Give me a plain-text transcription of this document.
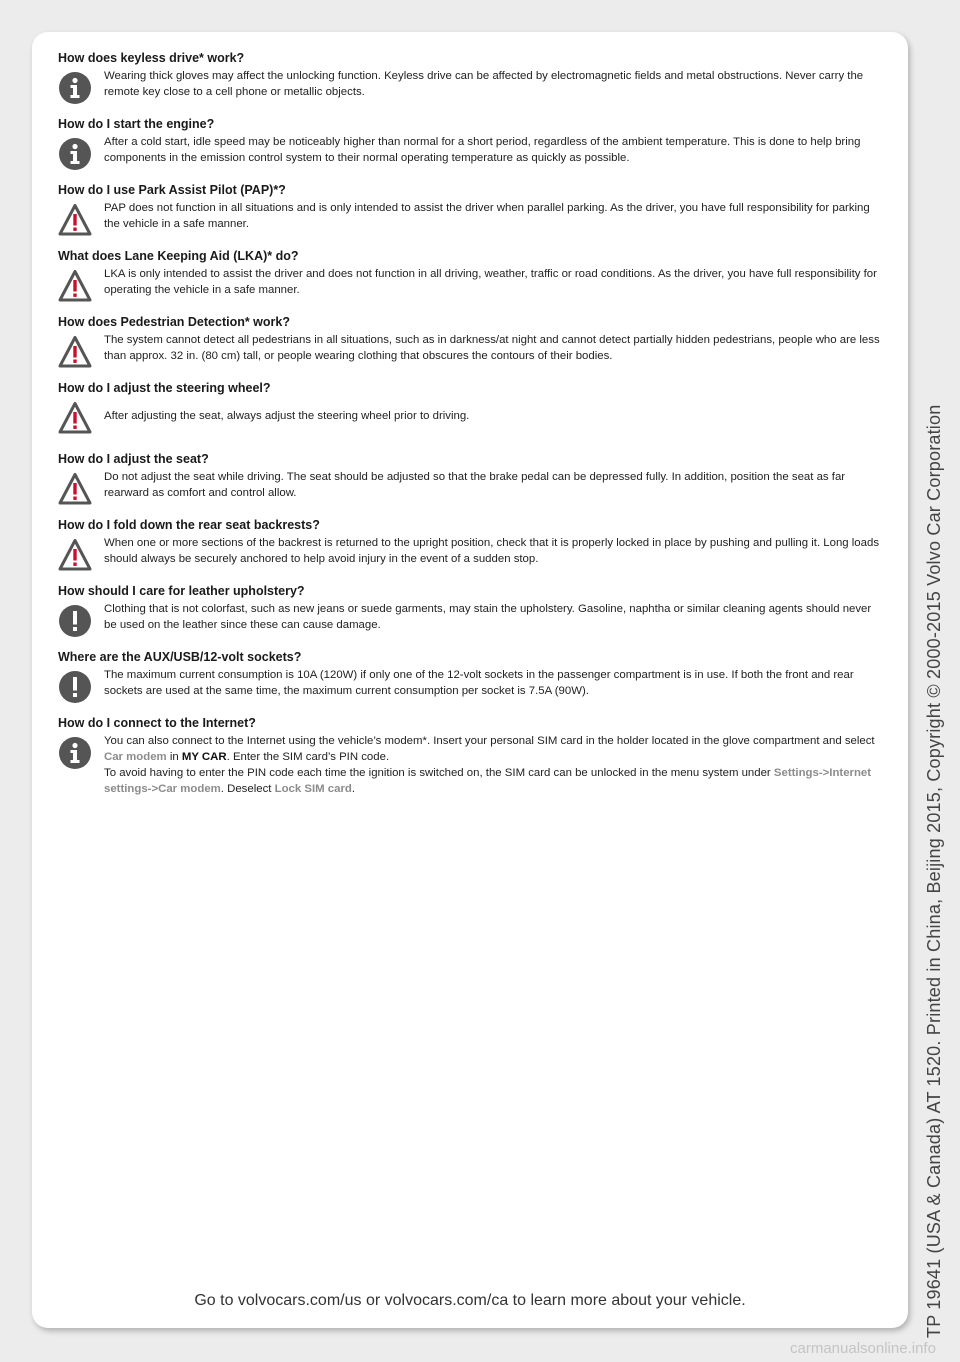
How does keyless drive* work?
Wearing thick gloves may affect the unlocking function. Keyless drive can be affected by electromagnetic fields and metal obstructions. Never carry the remote key close to a cell phone or metallic objects.
How do I start the engine?
After a cold start, idle speed may be noticeably higher than normal for a short period, regardless of the ambient temperature. This is done to help bring components in the emission control system to their normal operating temperature as quickly as possible.
How do I use Park Assist Pilot (PAP)*?
PAP does not function in all situations and is only intended to assist the driver when parallel parking. As the driver, you have full responsibility for parking the vehicle in a safe manner.
What does Lane Keeping Aid (LKA)* do?
LKA is only intended to assist the driver and does not function in all driving, weather, traffic or road conditions. As the driver, you have full responsibility for operating the vehicle in a safe manner.
How does Pedestrian Detection* work?
The system cannot detect all pedestrians in all situations, such as in darkness/at night and cannot detect partially hidden pedestrians, people who are less than approx. 32 in. (80 cm) tall, or people wearing clothing that obscures the contours of their bodies.
How do I adjust the steering wheel?
After adjusting the seat, always adjust the steering wheel prior to driving.
How do I adjust the seat?
Do not adjust the seat while driving. The seat should be adjusted so that the brake pedal can be depressed fully. In addition, position the seat as far rearward as comfort and control allow.
How do I fold down the rear seat backrests?
When one or more sections of the backrest is returned to the upright position, check that it is properly locked in place by pushing and pulling it. Long loads should always be securely anchored to help avoid injury in the event of a sudden stop.
How should I care for leather upholstery?
Clothing that is not colorfast, such as new jeans or suede garments, may stain the upholstery. Gasoline, naphtha or similar cleaning agents should never be used on the leather since these can cause damage.
Where are the AUX/USB/12-volt sockets?
The maximum current consumption is 10A (120W) if only one of the 12-volt sockets in the passenger compartment is in use. If both the front and rear sockets are used at the same time, the maximum current consumption per socket is 7.5A (90W).
How do I connect to the Internet?

You can also connect to the Internet using the vehicle’s modem*. Insert your personal SIM card in the holder located in the glove compartment and select Car modem in MY CAR. Enter the SIM card’s PIN code.

To avoid having to enter the PIN code each time the ignition is switched on, the SIM card can be unlocked in the menu system under Settings->Internet settings->Car modem. Deselect Lock SIM card.

Go to volvocars.com/us or volvocars.com/ca to learn more about your vehicle.	TP 19641 (USA & Canada) AT 1520. Printed in China, Beijing 2015, Copyright © 2000-2015 Volvo Car Corporation
carmanualsonline.info
